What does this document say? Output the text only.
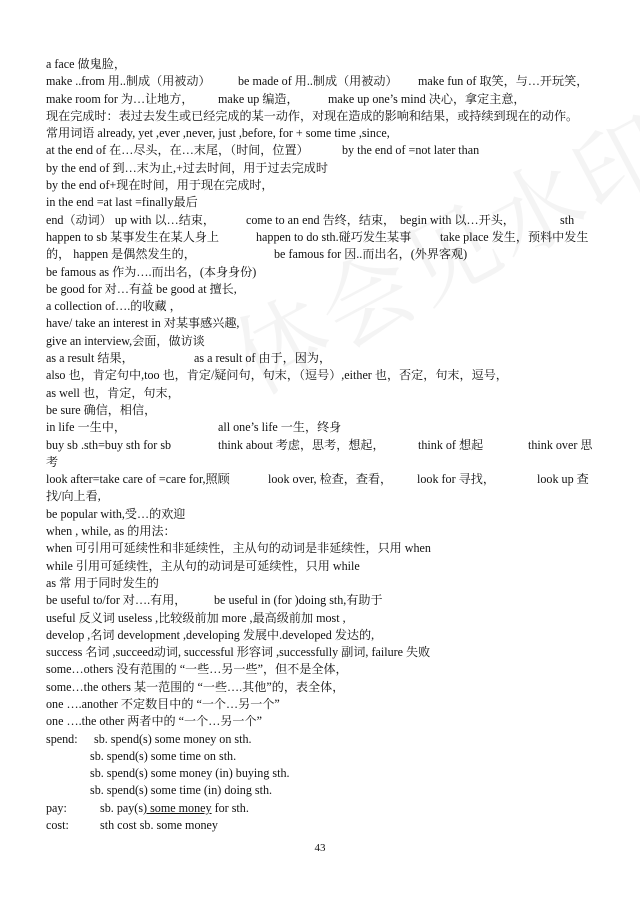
a face 做鬼脸，
make ..from 用..制成（用被动） be made of 用..制成（用被动） make fun of 取笑，与…开玩笑，
make room for 为…让地方， make up 编造， make up one’s mind 决心，拿定主意，
现在完成时：表过去发生或已经完成的某一动作，对现在造成的影响和结果，或持续到现在的动作。
常用词语 already, yet ,ever ,never, just ,before, for + some time ,since,
at the end of 在…尽头，在…末尾，（时间，位置）	by the end of =not later than
by the end of 到…末为止,+过去时间，用于过去完成时
by the end of+现在时间，用于现在完成时，
in the end =at last =finally最后
end（动词） up with 以…结束，	come to an end 告终，结束， begin with 以…开头，	sth
happen to sb 某事发生在某人身上	happen to do sth.碰巧发生某事 take place 发生，预料中发生
的， happen 是偶然发生的，	be famous for 因..而出名，(外界客观)
be famous as 作为….而出名，(本身身份)
be good for 对…有益 be good at 擅长,
a collection of….的收藏 ，
have/ take an interest in 对某事感兴趣,
give an interview,会面，做访谈
as a result 结果，	as a result of 由于，因为，
also 也，肯定句中,too 也，肯定/疑问句，句末，（逗号）,either 也，否定，句末，逗号，
as well 也，肯定，句末，
be sure 确信，相信，
in life 一生中，	all one’s life 一生，终身
buy sb .sth=buy sth for sb	think about 考虑，思考，想起，	think of 想起	think over 思
考
look after=take care of =care for,照顾	look over, 检查，查看， look for 寻找，	look up 查
找/向上看,
be popular with,受…的欢迎
when , while, as 的用法：
when 可引用可延续性和非延续性，主从句的动词是非延续性，只用 when
while 引用可延续性，主从句的动词是可延续性，只用 while
as 常 用于同时发生的
be useful to/for 对….有用， be useful in (for )doing sth,有助于
useful 反义词 useless ,比较级前加 more ,最高级前加 most ,
develop ,名词 development ,developing 发展中.developed 发达的,
success 名词 ,succeed动词, successful 形容词 ,successfully 副词, failure 失败
some…others 没有范围的 “一些…另一些”，但不是全体，
some…the others 某一范围的 “一些….其他”的，表全体，
one ….another 不定数目中的 “一个…另一个”
one ….the other 两者中的 “一个…另一个”
spend: sb. spend(s) some money on sth.
sb. spend(s) some time on sth.
sb. spend(s) some money (in) buying sth.
sb. spend(s) some time (in) doing sth.
pay:  sb. pay(s) some money for sth.
cost:  sth cost sb. some money
43
